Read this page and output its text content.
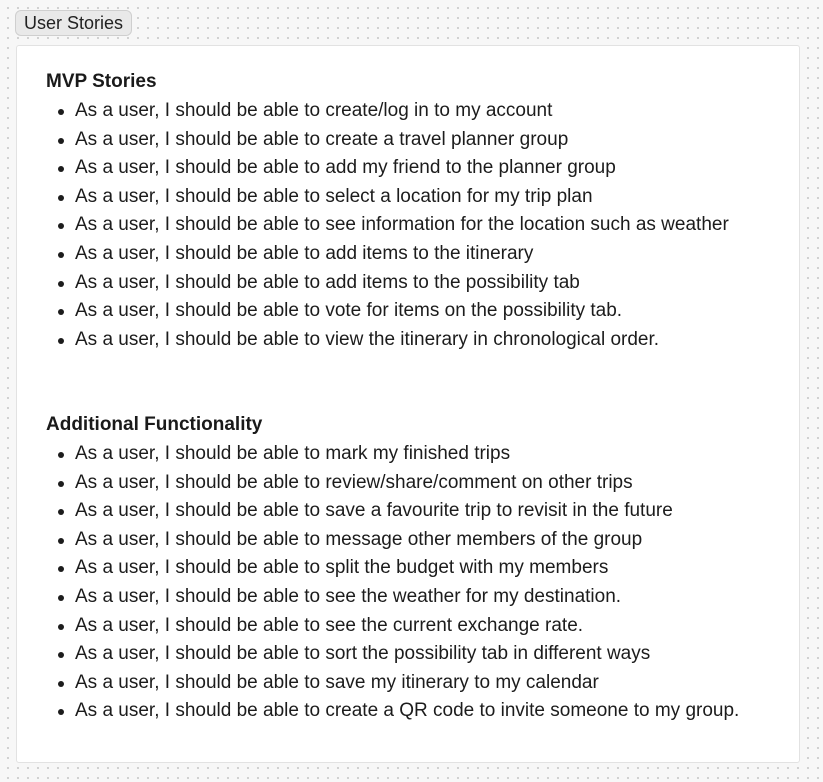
User Stories
MVP Stories
As a user, I should be able to create/log in to my account
As a user, I should be able to create a travel planner group
As a user, I should be able to add my friend to the planner group
As a user, I should be able to select a location for my trip plan
As a user, I should be able to see information for the location such as weather
As a user, I should be able to add items to the itinerary
As a user, I should be able to add items to the possibility tab
As a user, I should be able to vote for items on the possibility tab.
As a user, I should be able to view the itinerary in chronological order.
Additional Functionality
As a user, I should be able to mark my finished trips
As a user, I should be able to review/share/comment on other trips
As a user, I should be able to save a favourite trip to revisit in the future
As a user, I should be able to message other members of the group
As a user, I should be able to split the budget with my members
As a user, I should be able to see the weather for my destination.
As a user, I should be able to see the current exchange rate.
As a user, I should be able to sort the possibility tab in different ways
As a user, I should be able to save my itinerary to my calendar
As a user, I should be able to create a QR code to invite someone to my group.
